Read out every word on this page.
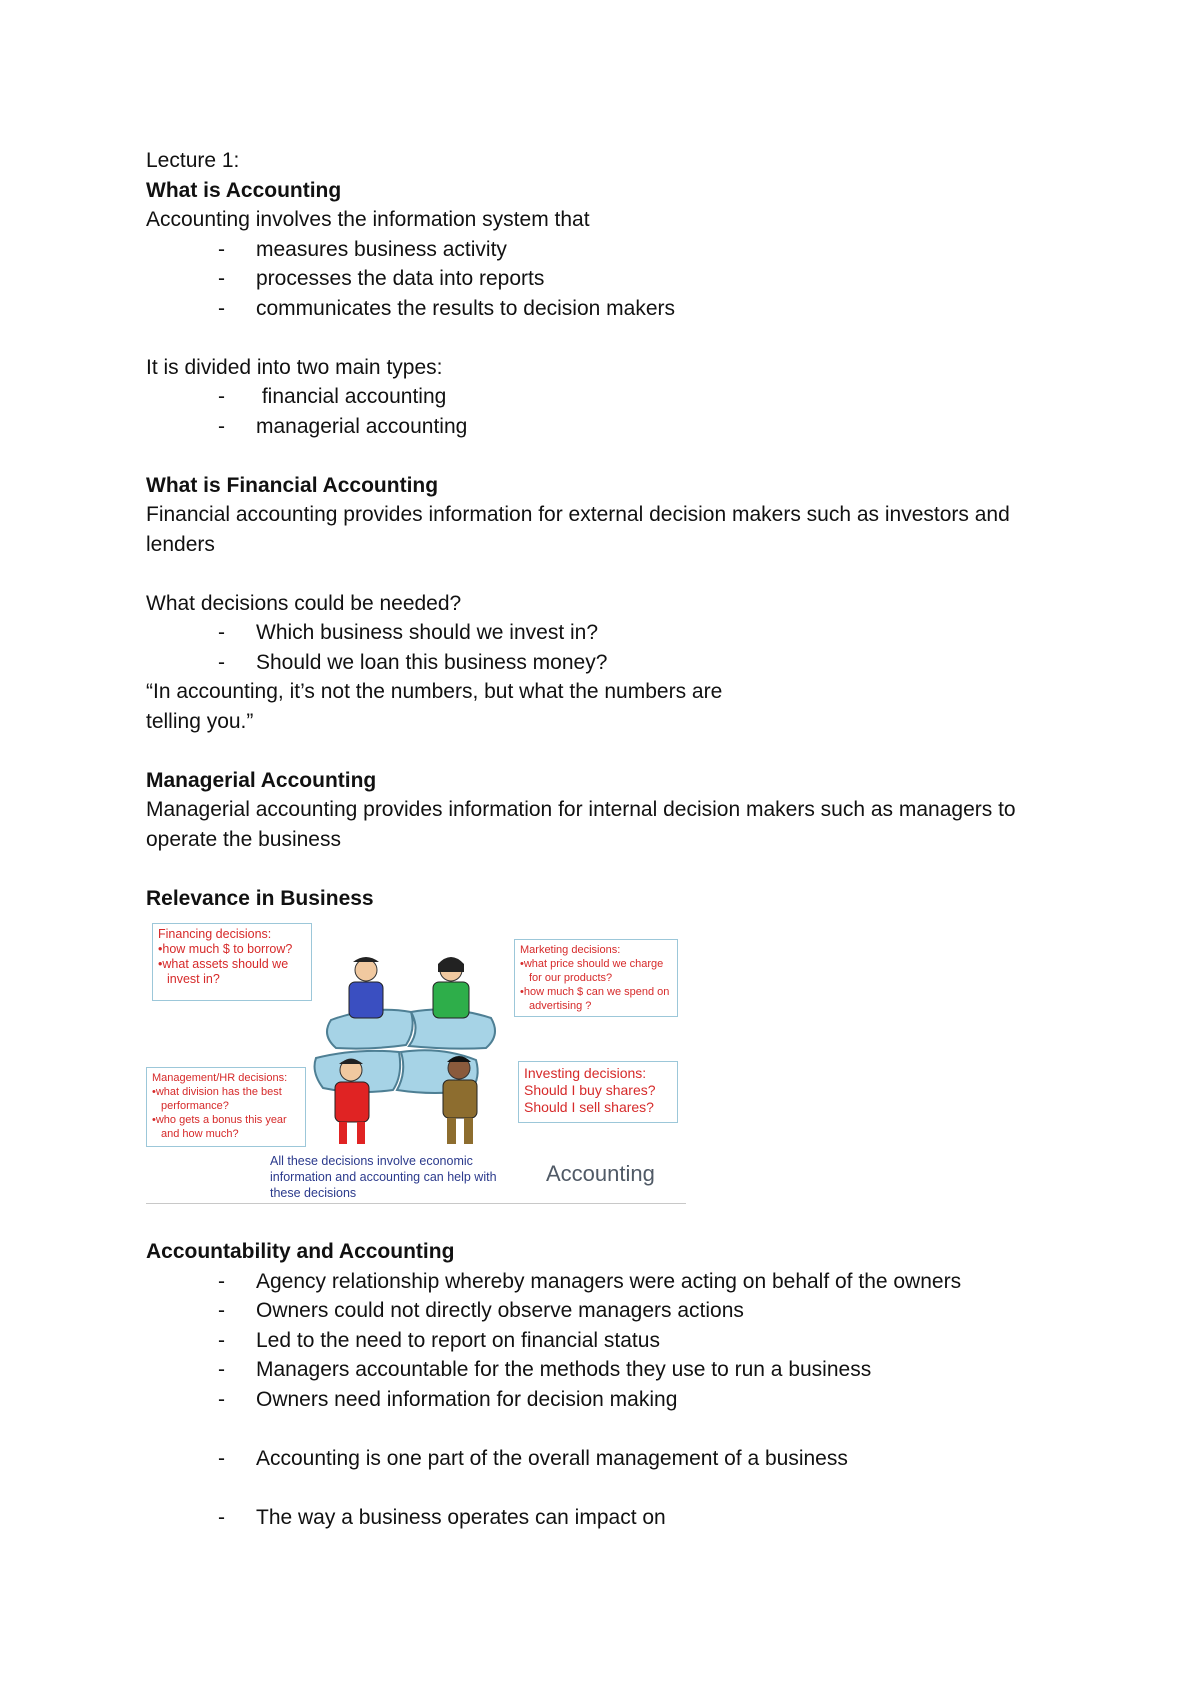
Lecture 1:
What is Accounting
Accounting involves the information system that
- measures business activity
- processes the data into reports
- communicates the results to decision makers
It is divided into two main types:
- financial accounting
- managerial accounting
What is Financial Accounting
Financial accounting provides information for external decision makers such as investors and lenders
What decisions could be needed?
- Which business should we invest in?
- Should we loan this business money?
“In accounting, it’s not the numbers, but what the numbers are
telling you.”
Managerial Accounting
Managerial accounting provides information for internal decision makers such as managers to operate the business
Relevance in Business
Financing decisions:
• how much $ to borrow?
• what assets should we invest in?
Marketing decisions:
• what price should we charge for our products?
• how much $ can we spend on advertising ?
Management/HR decisions:
• what division has the best performance?
• who gets a bonus this year and how much?
Investing decisions:
Should I buy shares?
Should I sell shares?
All these decisions involve economic information and accounting can help with these decisions
Accounting
Accountability and Accounting
- Agency relationship whereby managers were acting on behalf of the owners
- Owners could not directly observe managers actions
- Led to the need to report on financial status
- Managers accountable for the methods they use to run a business
- Owners need information for decision making
- Accounting is one part of the overall management of a business
- The way a business operates can impact on
